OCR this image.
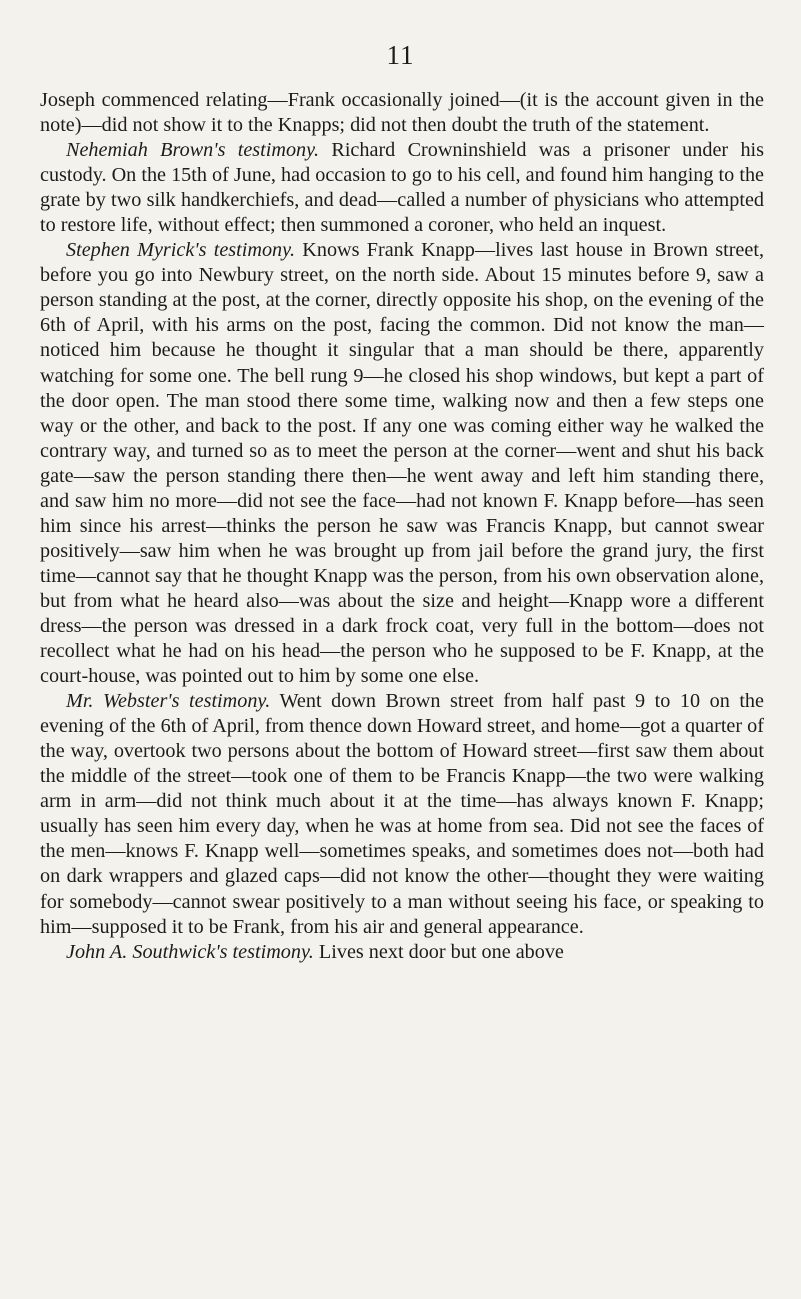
11

Joseph commenced relating—Frank occasionally joined—(it is the account given in the note)—did not show it to the Knapps; did not then doubt the truth of the statement.

Nehemiah Brown's testimony. Richard Crowninshield was a prisoner under his custody. On the 15th of June, had occasion to go to his cell, and found him hanging to the grate by two silk handkerchiefs, and dead—called a number of physicians who attempted to restore life, without effect; then summoned a coroner, who held an inquest.

Stephen Myrick's testimony. Knows Frank Knapp—lives last house in Brown street, before you go into Newbury street, on the north side. About 15 minutes before 9, saw a person standing at the post, at the corner, directly opposite his shop, on the evening of the 6th of April, with his arms on the post, facing the common. Did not know the man—noticed him because he thought it singular that a man should be there, apparently watching for some one. The bell rung 9—he closed his shop windows, but kept a part of the door open. The man stood there some time, walking now and then a few steps one way or the other, and back to the post. If any one was coming either way he walked the contrary way, and turned so as to meet the person at the corner—went and shut his back gate—saw the person standing there then—he went away and left him standing there, and saw him no more—did not see the face—had not known F. Knapp before—has seen him since his arrest—thinks the person he saw was Francis Knapp, but cannot swear positively—saw him when he was brought up from jail before the grand jury, the first time—cannot say that he thought Knapp was the person, from his own observation alone, but from what he heard also—was about the size and height—Knapp wore a different dress—the person was dressed in a dark frock coat, very full in the bottom—does not recollect what he had on his head—the person who he supposed to be F. Knapp, at the court-house, was pointed out to him by some one else.

Mr. Webster's testimony. Went down Brown street from half past 9 to 10 on the evening of the 6th of April, from thence down Howard street, and home—got a quarter of the way, overtook two persons about the bottom of Howard street—first saw them about the middle of the street—took one of them to be Francis Knapp—the two were walking arm in arm—did not think much about it at the time—has always known F. Knapp; usually has seen him every day, when he was at home from sea. Did not see the faces of the men—knows F. Knapp well—sometimes speaks, and sometimes does not—both had on dark wrappers and glazed caps—did not know the other—thought they were waiting for somebody—cannot swear positively to a man without seeing his face, or speaking to him—supposed it to be Frank, from his air and general appearance.

John A. Southwick's testimony. Lives next door but one above
